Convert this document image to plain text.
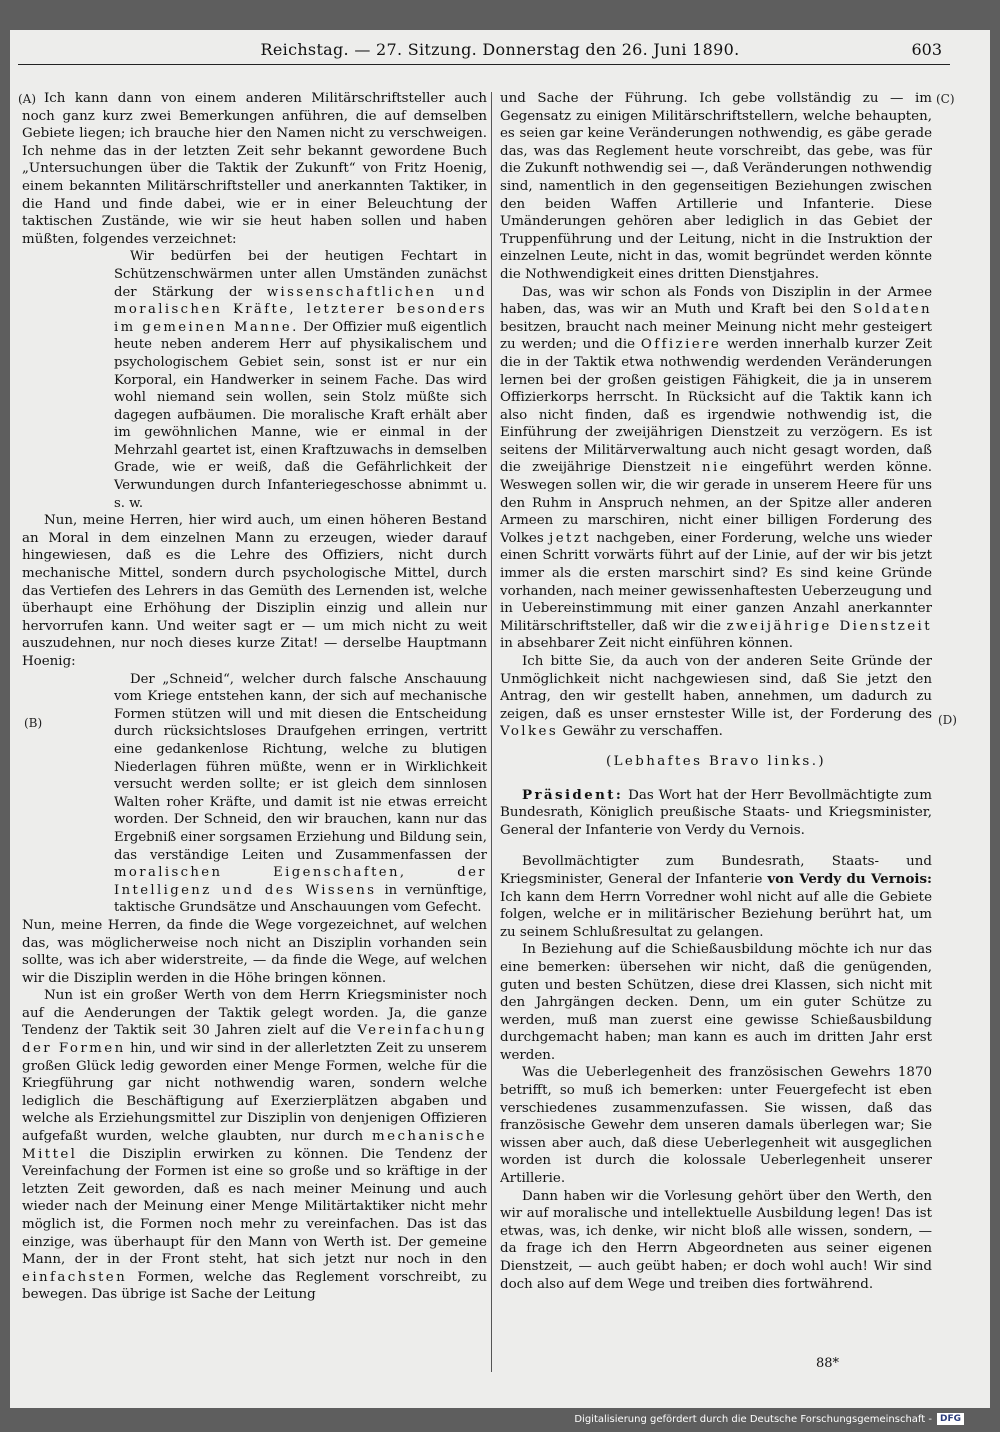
Reichstag. — 27. Sitzung. Donnerstag den 26. Juni 1890.	603
(A)
(B)
(C)
(D)

Ich kann dann von einem anderen Militärschriftsteller auch noch ganz kurz zwei Bemerkungen anführen, die auf demselben Gebiete liegen; ich brauche hier den Namen nicht zu verschweigen. Ich nehme das in der letzten Zeit sehr bekannt gewordene Buch „Untersuchungen über die Taktik der Zukunft“ von Fritz Hoenig, einem bekannten Militärschriftsteller und anerkannten Taktiker, in die Hand und finde dabei, wie er in einer Beleuchtung der taktischen Zustände, wie wir sie heut haben sollen und haben müßten, folgendes verzeichnet:

Wir bedürfen bei der heutigen Fechtart in Schützenschwärmen unter allen Umständen zunächst der Stärkung der wissenschaftlichen und moralischen Kräfte, letzterer besonders im gemeinen Manne. Der Offizier muß eigentlich heute neben anderem Herr auf physikalischem und psychologischem Gebiet sein, sonst ist er nur ein Korporal, ein Handwerker in seinem Fache. Das wird wohl niemand sein wollen, sein Stolz müßte sich dagegen aufbäumen. Die moralische Kraft erhält aber im gewöhnlichen Manne, wie er einmal in der Mehrzahl geartet ist, einen Kraftzuwachs in demselben Grade, wie er weiß, daß die Gefährlichkeit der Verwundungen durch Infanteriegeschosse abnimmt u. s. w.

Nun, meine Herren, hier wird auch, um einen höheren Bestand an Moral in dem einzelnen Mann zu erzeugen, wieder darauf hingewiesen, daß es die Lehre des Offiziers, nicht durch mechanische Mittel, sondern durch psychologische Mittel, durch das Vertiefen des Lehrers in das Gemüth des Lernenden ist, welche überhaupt eine Erhöhung der Disziplin einzig und allein nur hervorrufen kann. Und weiter sagt er — um mich nicht zu weit auszudehnen, nur noch dieses kurze Zitat! — derselbe Hauptmann Hoenig:

Der „Schneid“, welcher durch falsche Anschauung vom Kriege entstehen kann, der sich auf mechanische Formen stützen will und mit diesen die Entscheidung durch rücksichtsloses Draufgehen erringen, vertritt eine gedankenlose Richtung, welche zu blutigen Niederlagen führen müßte, wenn er in Wirklichkeit versucht werden sollte; er ist gleich dem sinnlosen Walten roher Kräfte, und damit ist nie etwas erreicht worden. Der Schneid, den wir brauchen, kann nur das Ergebniß einer sorgsamen Erziehung und Bildung sein, das verständige Leiten und Zusammenfassen der moralischen Eigenschaften, der Intelligenz und des Wissens in vernünftige, taktische Grundsätze und Anschauungen vom Gefecht.

Nun, meine Herren, da finde die Wege vorgezeichnet, auf welchen das, was möglicherweise noch nicht an Disziplin vorhanden sein sollte, was ich aber widerstreite, — da finde die Wege, auf welchen wir die Disziplin werden in die Höhe bringen können.

Nun ist ein großer Werth von dem Herrn Kriegsminister noch auf die Aenderungen der Taktik gelegt worden. Ja, die ganze Tendenz der Taktik seit 30 Jahren zielt auf die Vereinfachung der Formen hin, und wir sind in der allerletzten Zeit zu unserem großen Glück ledig geworden einer Menge Formen, welche für die Kriegführung gar nicht nothwendig waren, sondern welche lediglich die Beschäftigung auf Exerzierplätzen abgaben und welche als Erziehungsmittel zur Disziplin von denjenigen Offizieren aufgefaßt wurden, welche glaubten, nur durch mechanische Mittel die Disziplin erwirken zu können. Die Tendenz der Vereinfachung der Formen ist eine so große und so kräftige in der letzten Zeit geworden, daß es nach meiner Meinung und auch wieder nach der Meinung einer Menge Militärtaktiker nicht mehr möglich ist, die Formen noch mehr zu vereinfachen. Das ist das einzige, was überhaupt für den Mann von Werth ist. Der gemeine Mann, der in der Front steht, hat sich jetzt nur noch in den einfachsten Formen, welche das Reglement vorschreibt, zu bewegen. Das übrige ist Sache der Leitung

und Sache der Führung. Ich gebe vollständig zu — im Gegensatz zu einigen Militärschriftstellern, welche behaupten, es seien gar keine Veränderungen nothwendig, es gäbe gerade das, was das Reglement heute vorschreibt, das gebe, was für die Zukunft nothwendig sei —, daß Veränderungen nothwendig sind, namentlich in den gegenseitigen Beziehungen zwischen den beiden Waffen Artillerie und Infanterie. Diese Umänderungen gehören aber lediglich in das Gebiet der Truppenführung und der Leitung, nicht in die Instruktion der einzelnen Leute, nicht in das, womit begründet werden könnte die Nothwendigkeit eines dritten Dienstjahres.

Das, was wir schon als Fonds von Disziplin in der Armee haben, das, was wir an Muth und Kraft bei den Soldaten besitzen, braucht nach meiner Meinung nicht mehr gesteigert zu werden; und die Offiziere werden innerhalb kurzer Zeit die in der Taktik etwa nothwendig werdenden Veränderungen lernen bei der großen geistigen Fähigkeit, die ja in unserem Offizierkorps herrscht. In Rücksicht auf die Taktik kann ich also nicht finden, daß es irgendwie nothwendig ist, die Einführung der zweijährigen Dienstzeit zu verzögern. Es ist seitens der Militärverwaltung auch nicht gesagt worden, daß die zweijährige Dienstzeit nie eingeführt werden könne. Weswegen sollen wir, die wir gerade in unserem Heere für uns den Ruhm in Anspruch nehmen, an der Spitze aller anderen Armeen zu marschiren, nicht einer billigen Forderung des Volkes jetzt nachgeben, einer Forderung, welche uns wieder einen Schritt vorwärts führt auf der Linie, auf der wir bis jetzt immer als die ersten marschirt sind? Es sind keine Gründe vorhanden, nach meiner gewissenhaftesten Ueberzeugung und in Uebereinstimmung mit einer ganzen Anzahl anerkannter Militärschriftsteller, daß wir die zweijährige Dienstzeit in absehbarer Zeit nicht einführen können.

Ich bitte Sie, da auch von der anderen Seite Gründe der Unmöglichkeit nicht nachgewiesen sind, daß Sie jetzt den Antrag, den wir gestellt haben, annehmen, um dadurch zu zeigen, daß es unser ernstester Wille ist, der Forderung des Volkes Gewähr zu verschaffen.

(Lebhaftes Bravo links.)

Präsident: Das Wort hat der Herr Bevollmächtigte zum Bundesrath, Königlich preußische Staats- und Kriegsminister, General der Infanterie von Verdy du Vernois.

Bevollmächtigter zum Bundesrath, Staats- und Kriegsminister, General der Infanterie von Verdy du Vernois: Ich kann dem Herrn Vorredner wohl nicht auf alle die Gebiete folgen, welche er in militärischer Beziehung berührt hat, um zu seinem Schlußresultat zu gelangen.

In Beziehung auf die Schießausbildung möchte ich nur das eine bemerken: übersehen wir nicht, daß die genügenden, guten und besten Schützen, diese drei Klassen, sich nicht mit den Jahrgängen decken. Denn, um ein guter Schütze zu werden, muß man zuerst eine gewisse Schießausbildung durchgemacht haben; man kann es auch im dritten Jahr erst werden.

Was die Ueberlegenheit des französischen Gewehrs 1870 betrifft, so muß ich bemerken: unter Feuergefecht ist eben verschiedenes zusammenzufassen. Sie wissen, daß das französische Gewehr dem unseren damals überlegen war; Sie wissen aber auch, daß diese Ueberlegenheit wit ausgeglichen worden ist durch die kolossale Ueberlegenheit unserer Artillerie.

Dann haben wir die Vorlesung gehört über den Werth, den wir auf moralische und intellektuelle Ausbildung legen! Das ist etwas, was, ich denke, wir nicht bloß alle wissen, sondern, — da frage ich den Herrn Abgeordneten aus seiner eigenen Dienstzeit, — auch geübt haben; er doch wohl auch! Wir sind doch also auf dem Wege und treiben dies fortwährend.

88*
Digitalisierung gefördert durch die Deutsche Forschungsgemeinschaft - DFG
